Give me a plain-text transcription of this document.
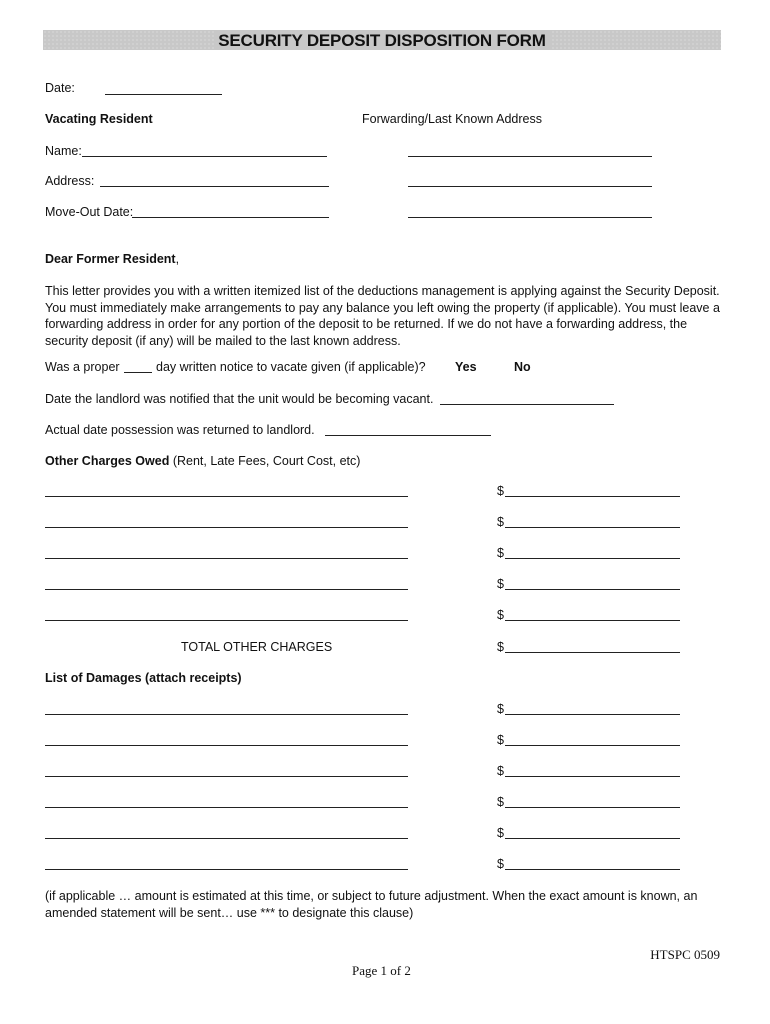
SECURITY DEPOSIT DISPOSITION FORM
Date:
Vacating Resident	Forwarding/Last Known Address
Name:
Address:
Move-Out Date:
Dear Former Resident,
This letter provides you with a written itemized list of the deductions management is applying against the Security Deposit. You must immediately make arrangements to pay any balance you left owing the property (if applicable). You must leave a forwarding address in order for any portion of the deposit to be returned. If we do not have a forwarding address, the security deposit (if any) will be mailed to the last known address.
Was a proper	day written notice to vacate given (if applicable)? Yes	No
Date the landlord was notified that the unit would be becoming vacant.
Actual date possession was returned to landlord.
Other Charges Owed (Rent, Late Fees, Court Cost, etc)
$
$
$
$
$
TOTAL OTHER CHARGES	$
List of Damages (attach receipts)
$
$
$
$
$
$
(if applicable … amount is estimated at this time, or subject to future adjustment. When the exact amount is known, an amended statement will be sent… use *** to designate this clause)
HTSPC 0509
Page 1 of 2
